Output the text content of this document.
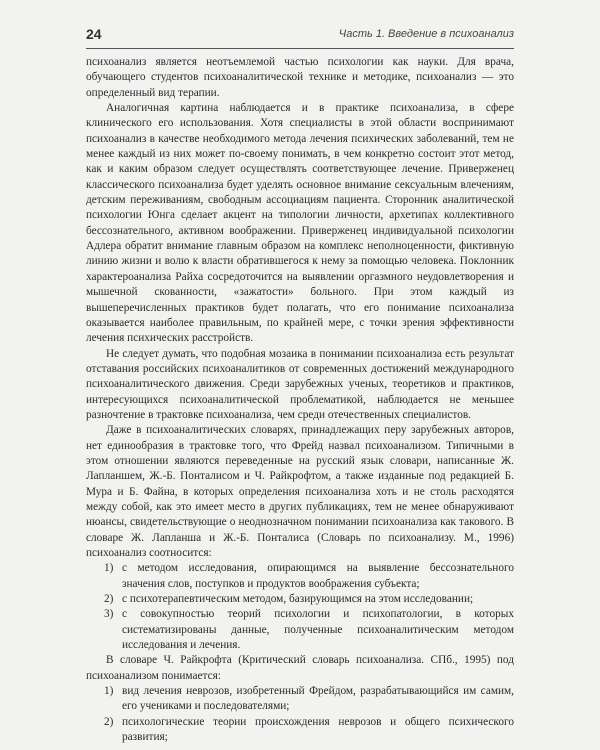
24	Часть 1. Введение в психоанализ

психоанализ является неотъемлемой частью психологии как науки. Для врача, обучающего студентов психоаналитической технике и методике, психоанализ — это определенный вид терапии.

Аналогичная картина наблюдается и в практике психоанализа, в сфере клинического его использования. Хотя специалисты в этой области воспринимают психоанализ в качестве необходимого метода лечения психических заболеваний, тем не менее каждый из них может по-своему понимать, в чем конкретно состоит этот метод, как и каким образом следует осуществлять соответствующее лечение. Приверженец классического психоанализа будет уделять основное внимание сексуальным влечениям, детским переживаниям, свободным ассоциациям пациента. Сторонник аналитической психологии Юнга сделает акцент на типологии личности, архетипах коллективного бессознательного, активном воображении. Приверженец индивидуальной психологии Адлера обратит внимание главным образом на комплекс неполноценности, фиктивную линию жизни и волю к власти обратившегося к нему за помощью человека. Поклонник характероанализа Райха сосредоточится на выявлении оргазмного неудовлетворения и мышечной скованности, «зажатости» больного. При этом каждый из вышеперечисленных практиков будет полагать, что его понимание психоанализа оказывается наиболее правильным, по крайней мере, с точки зрения эффективности лечения психических расстройств.

Не следует думать, что подобная мозаика в понимании психоанализа есть результат отставания российских психоаналитиков от современных достижений международного психоаналитического движения. Среди зарубежных ученых, теоретиков и практиков, интересующихся психоаналитической проблематикой, наблюдается не меньшее разночтение в трактовке психоанализа, чем среди отечественных специалистов.

Даже в психоаналитических словарях, принадлежащих перу зарубежных авторов, нет единообразия в трактовке того, что Фрейд назвал психоанализом. Типичными в этом отношении являются переведенные на русский язык словари, написанные Ж. Лапланшем, Ж.-Б. Понталисом и Ч. Райкрофтом, а также изданные под редакцией Б. Мура и Б. Файна, в которых определения психоанализа хоть и не столь расходятся между собой, как это имеет место в других публикациях, тем не менее обнаруживают нюансы, свидетельствующие о неоднозначном понимании психоанализа как такового. В словаре Ж. Лапланша и Ж.-Б. Понталиса (Словарь по психоанализу. М., 1996) психоанализ соотносится:

1) с методом исследования, опирающимся на выявление бессознательного значения слов, поступков и продуктов воображения субъекта;
2) с психотерапевтическим методом, базирующимся на этом исследовании;
3) с совокупностью теорий психологии и психопатологии, в которых систематизированы данные, полученные психоаналитическим методом исследования и лечения.

В словаре Ч. Райкрофта (Критический словарь психоанализа. СПб., 1995) под психоанализом понимается:

1) вид лечения неврозов, изобретенный Фрейдом, разрабатывающийся им самим, его учениками и последователями;
2) психологические теории происхождения неврозов и общего психического развития;
